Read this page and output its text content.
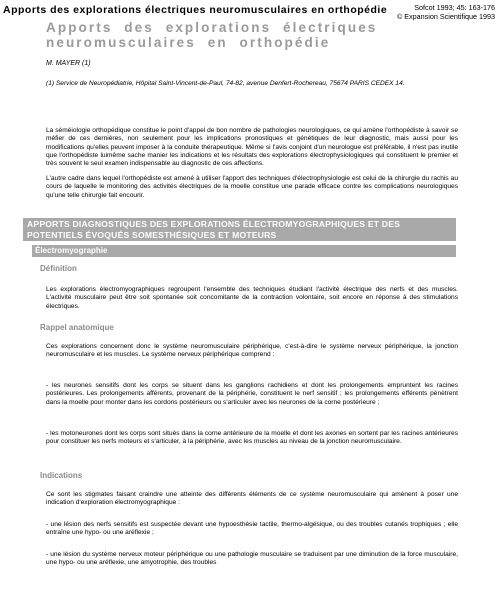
Apports des explorations électriques neuromusculaires en orthopédie	Sofcot 1993; 45: 163-176
© Expansion Scientifique 1993
Apports des explorations électriques neuromusculaires en orthopédie
M. MAYER (1)
(1) Service de Neuropédiatrie, Hôpital Saint-Vincent-de-Paul, 74-82, avenue Denfert-Rochereau, 75674 PARIS CEDEX 14.

La séméiologie orthopédique constitue le point d'appel de bon nombre de pathologies neurologiques, ce qui amène l'orthopédiste à savoir se méfier de ces dernières, non seulement pour les implications pronostiques et génétiques de leur diagnostic, mais aussi pour les modifications qu'elles peuvent imposer à la conduite thérapeutique. Même si l'avis conjoint d'un neurologue est préférable, il n'est pas inutile que l'orthopédiste luimême sache manier les indications et les résultats des explorations électrophysiologiques qui constituent le premier et très souvent le seul examen indispensable au diagnostic de ces affections.

L'autre cadre dans lequel l'orthopédiste est amené à utiliser l'apport des techniques d'électrophysiologie est celui de la chirurgie du rachis au cours de laquelle le monitoring des activités électriques de la moelle constitue une parade efficace contre les complications neurologiques qu'une telle chirurgie fait encourir.

APPORTS DIAGNOSTIQUES DES EXPLORATIONS ÉLECTROMYOGRAPHIQUES ET DES POTENTIELS ÉVOQUÉS SOMESTHÉSIQUES ET MOTEURS
Électromyographie
Définition

Les explorations électromyographiques regroupent l'ensemble des techniques étudiant l'activité électrique des nerfs et des muscles. L'activité musculaire peut être soit spontanée soit concomitante de la contraction volontaire, soit encore en réponse à des stimulations électriques.

Rappel anatomique

Ces explorations concernent donc le système neuromusculaire périphérique, c'est-à-dire le système nerveux périphérique, la jonction neuromusculaire et les muscles. Le système nerveux périphérique comprend :

- les neurones sensitifs dont les corps se situent dans les ganglions rachidiens et dont les prolongements empruntent les racines postérieures. Les prolongements afférents, provenant de la périphérie, constituent le nerf sensitif ; les prolongements efférents pénètrent dans la moelle pour monter dans les cordons postérieurs ou s'articuler avec les neurones de la corne postérieure ;

- les motoneurones dont les corps sont situés dans la corne antérieure de la moelle et dont les axones en sortent par les racines antérieures pour constituer les nerfs moteurs et s'articuler, à la périphérie, avec les muscles au niveau de la jonction neuromusculaire.

Indications

Ce sont les stigmates faisant craindre une atteinte des différents éléments de ce système neuromusculaire qui amènent à poser une indication d'exploration électromyographique :

- une lésion des nerfs sensitifs est suspectée devant une hypoesthésie tactile, thermo-algésique, ou des troubles cutanés trophiques ; elle entraîne une hypo- ou une aréflexie ;

- une lésion du système nerveux moteur périphérique ou une pathologie musculaire se traduisent par une diminution de la force musculaire, une hypo- ou une aréflexie, une amyotrophie, des troubles
